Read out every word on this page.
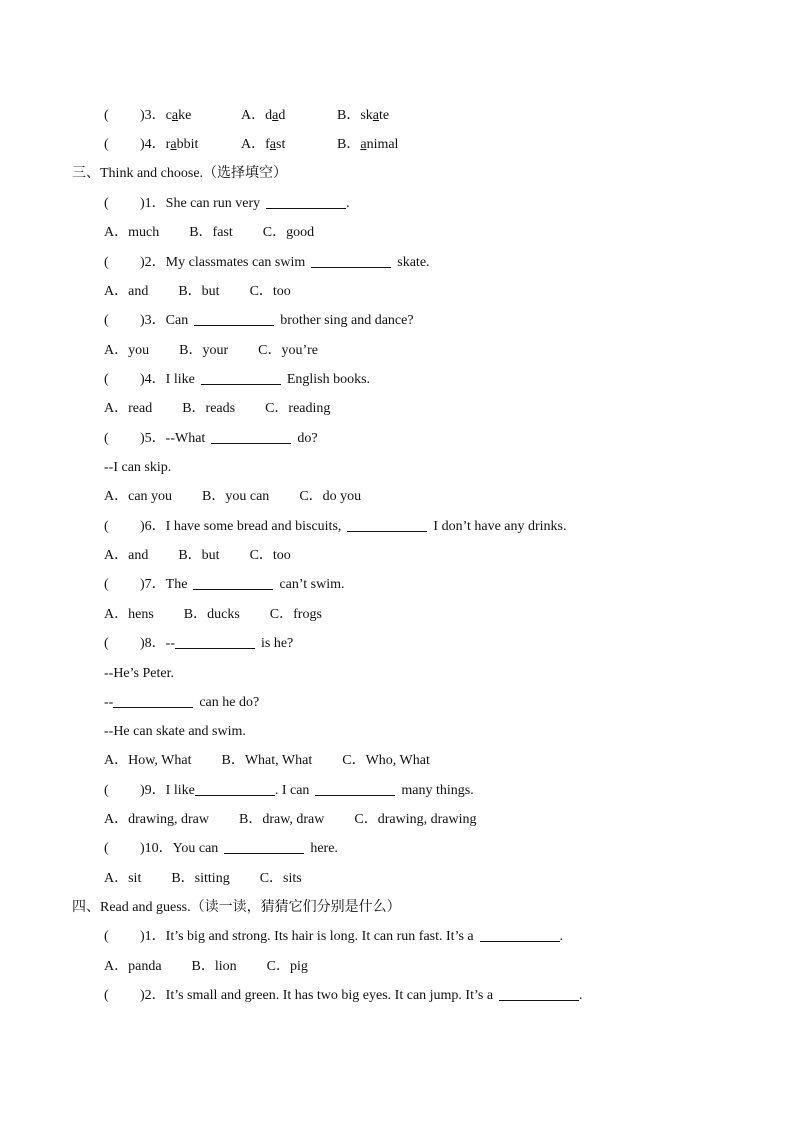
( )3．cake	A．dad	B．skate
( )4．rabbit	A．fast	B．animal
三、Think and choose.（选择填空）
( )1．She can run very	.
A．much B．fast C．good
( )2．My classmates can swim	skate.
A．and B．but C．too
( )3．Can	brother sing and dance?
A．you B．your C．you’re
( )4．I like	English books.
A．read B．reads C．reading
( )5．--What	do?
--I can skip.
A．can you B．you can C．do you
( )6．I have some bread and biscuits,	I don’t have any drinks.
A．and B．but C．too
( )7．The	can’t swim.
A．hens B．ducks C．frogs
( )8．--	is he?
--He’s Peter.
--	can he do?
--He can skate and swim.
A．How, What B．What, What C．Who, What
( )9．I like	. I can	many things.
A．drawing, draw B．draw, draw C．drawing, drawing
( )10．You can	here.
A．sit B．sitting C．sits
四、Read and guess.（读一读，猜猜它们分别是什么）
( )1．It’s big and strong. Its hair is long. It can run fast. It’s a	.
A．panda B．lion C．pig
( )2．It’s small and green. It has two big eyes. It can jump. It’s a	.
